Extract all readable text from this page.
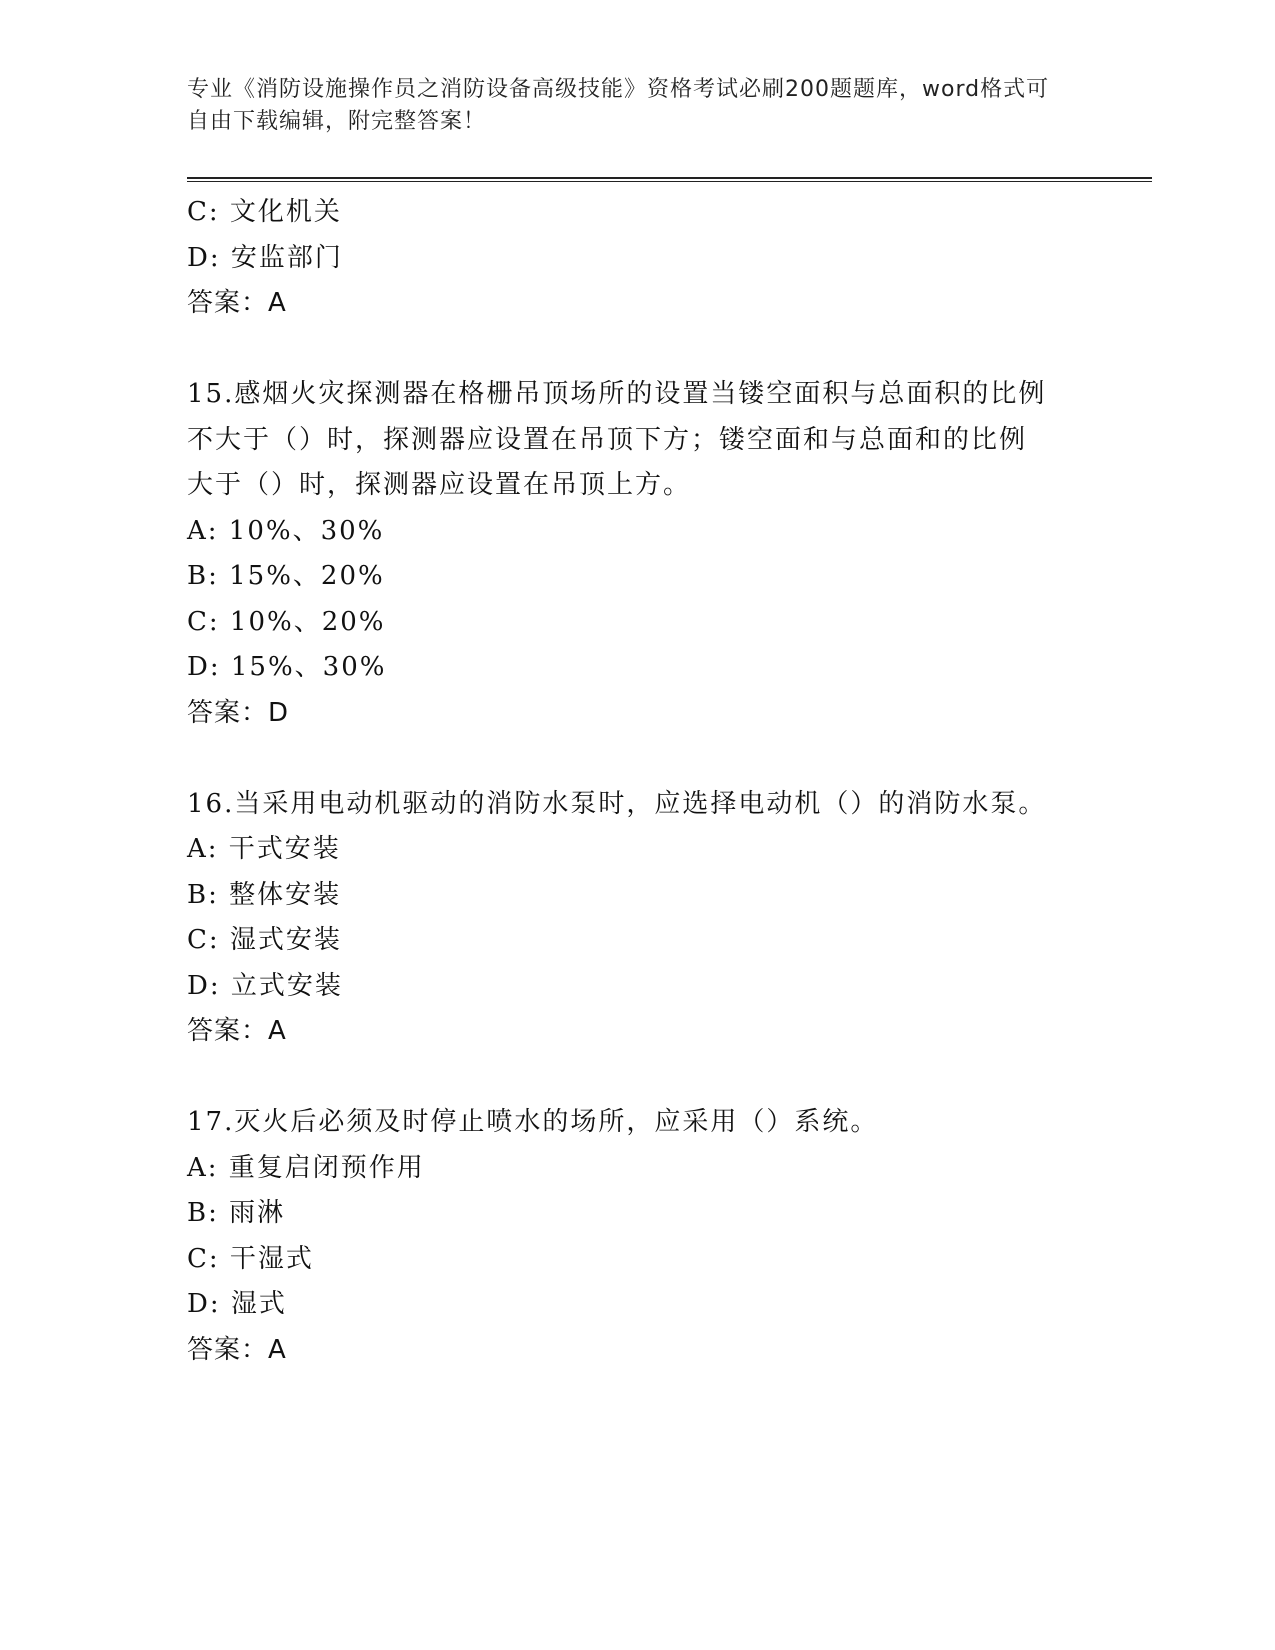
专业《消防设施操作员之消防设备高级技能》资格考试必刷200题题库，word格式可自由下载编辑，附完整答案！
C: 文化机关
D: 安监部门
答案：A
15.感烟火灾探测器在格栅吊顶场所的设置当镂空面积与总面积的比例
不大于（）时，探测器应设置在吊顶下方；镂空面和与总面和的比例
大于（）时，探测器应设置在吊顶上方。
A: 10%、30%
B: 15%、20%
C: 10%、20%
D: 15%、30%
答案：D
16.当采用电动机驱动的消防水泵时，应选择电动机（）的消防水泵。
A: 干式安装
B: 整体安装
C: 湿式安装
D: 立式安装
答案：A
17.灭火后必须及时停止喷水的场所，应采用（）系统。
A: 重复启闭预作用
B: 雨淋
C: 干湿式
D: 湿式
答案：A
